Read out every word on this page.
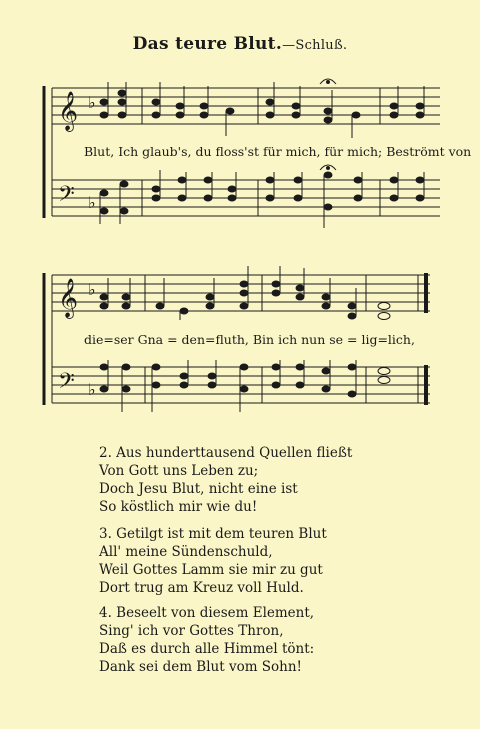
Das teure Blut.—Schluß.
𝄞
𝄢
♭
♭
𝄞
𝄢
♭
♭
Blut, Ich glaub's, du floss'st für mich, für mich; Beströmt von
die=ser Gna = den=fluth, Bin ich nun se = lig=lich,
2. Aus hunderttausend Quellen fließt
Von Gott uns Leben zu;
Doch Jesu Blut, nicht eine ist
So köstlich mir wie du!
3. Getilgt ist mit dem teuren Blut
All' meine Sündenschuld,
Weil Gottes Lamm sie mir zu gut
Dort trug am Kreuz voll Huld.
4. Beseelt von diesem Element,
Sing' ich vor Gottes Thron,
Daß es durch alle Himmel tönt:
Dank sei dem Blut vom Sohn!
